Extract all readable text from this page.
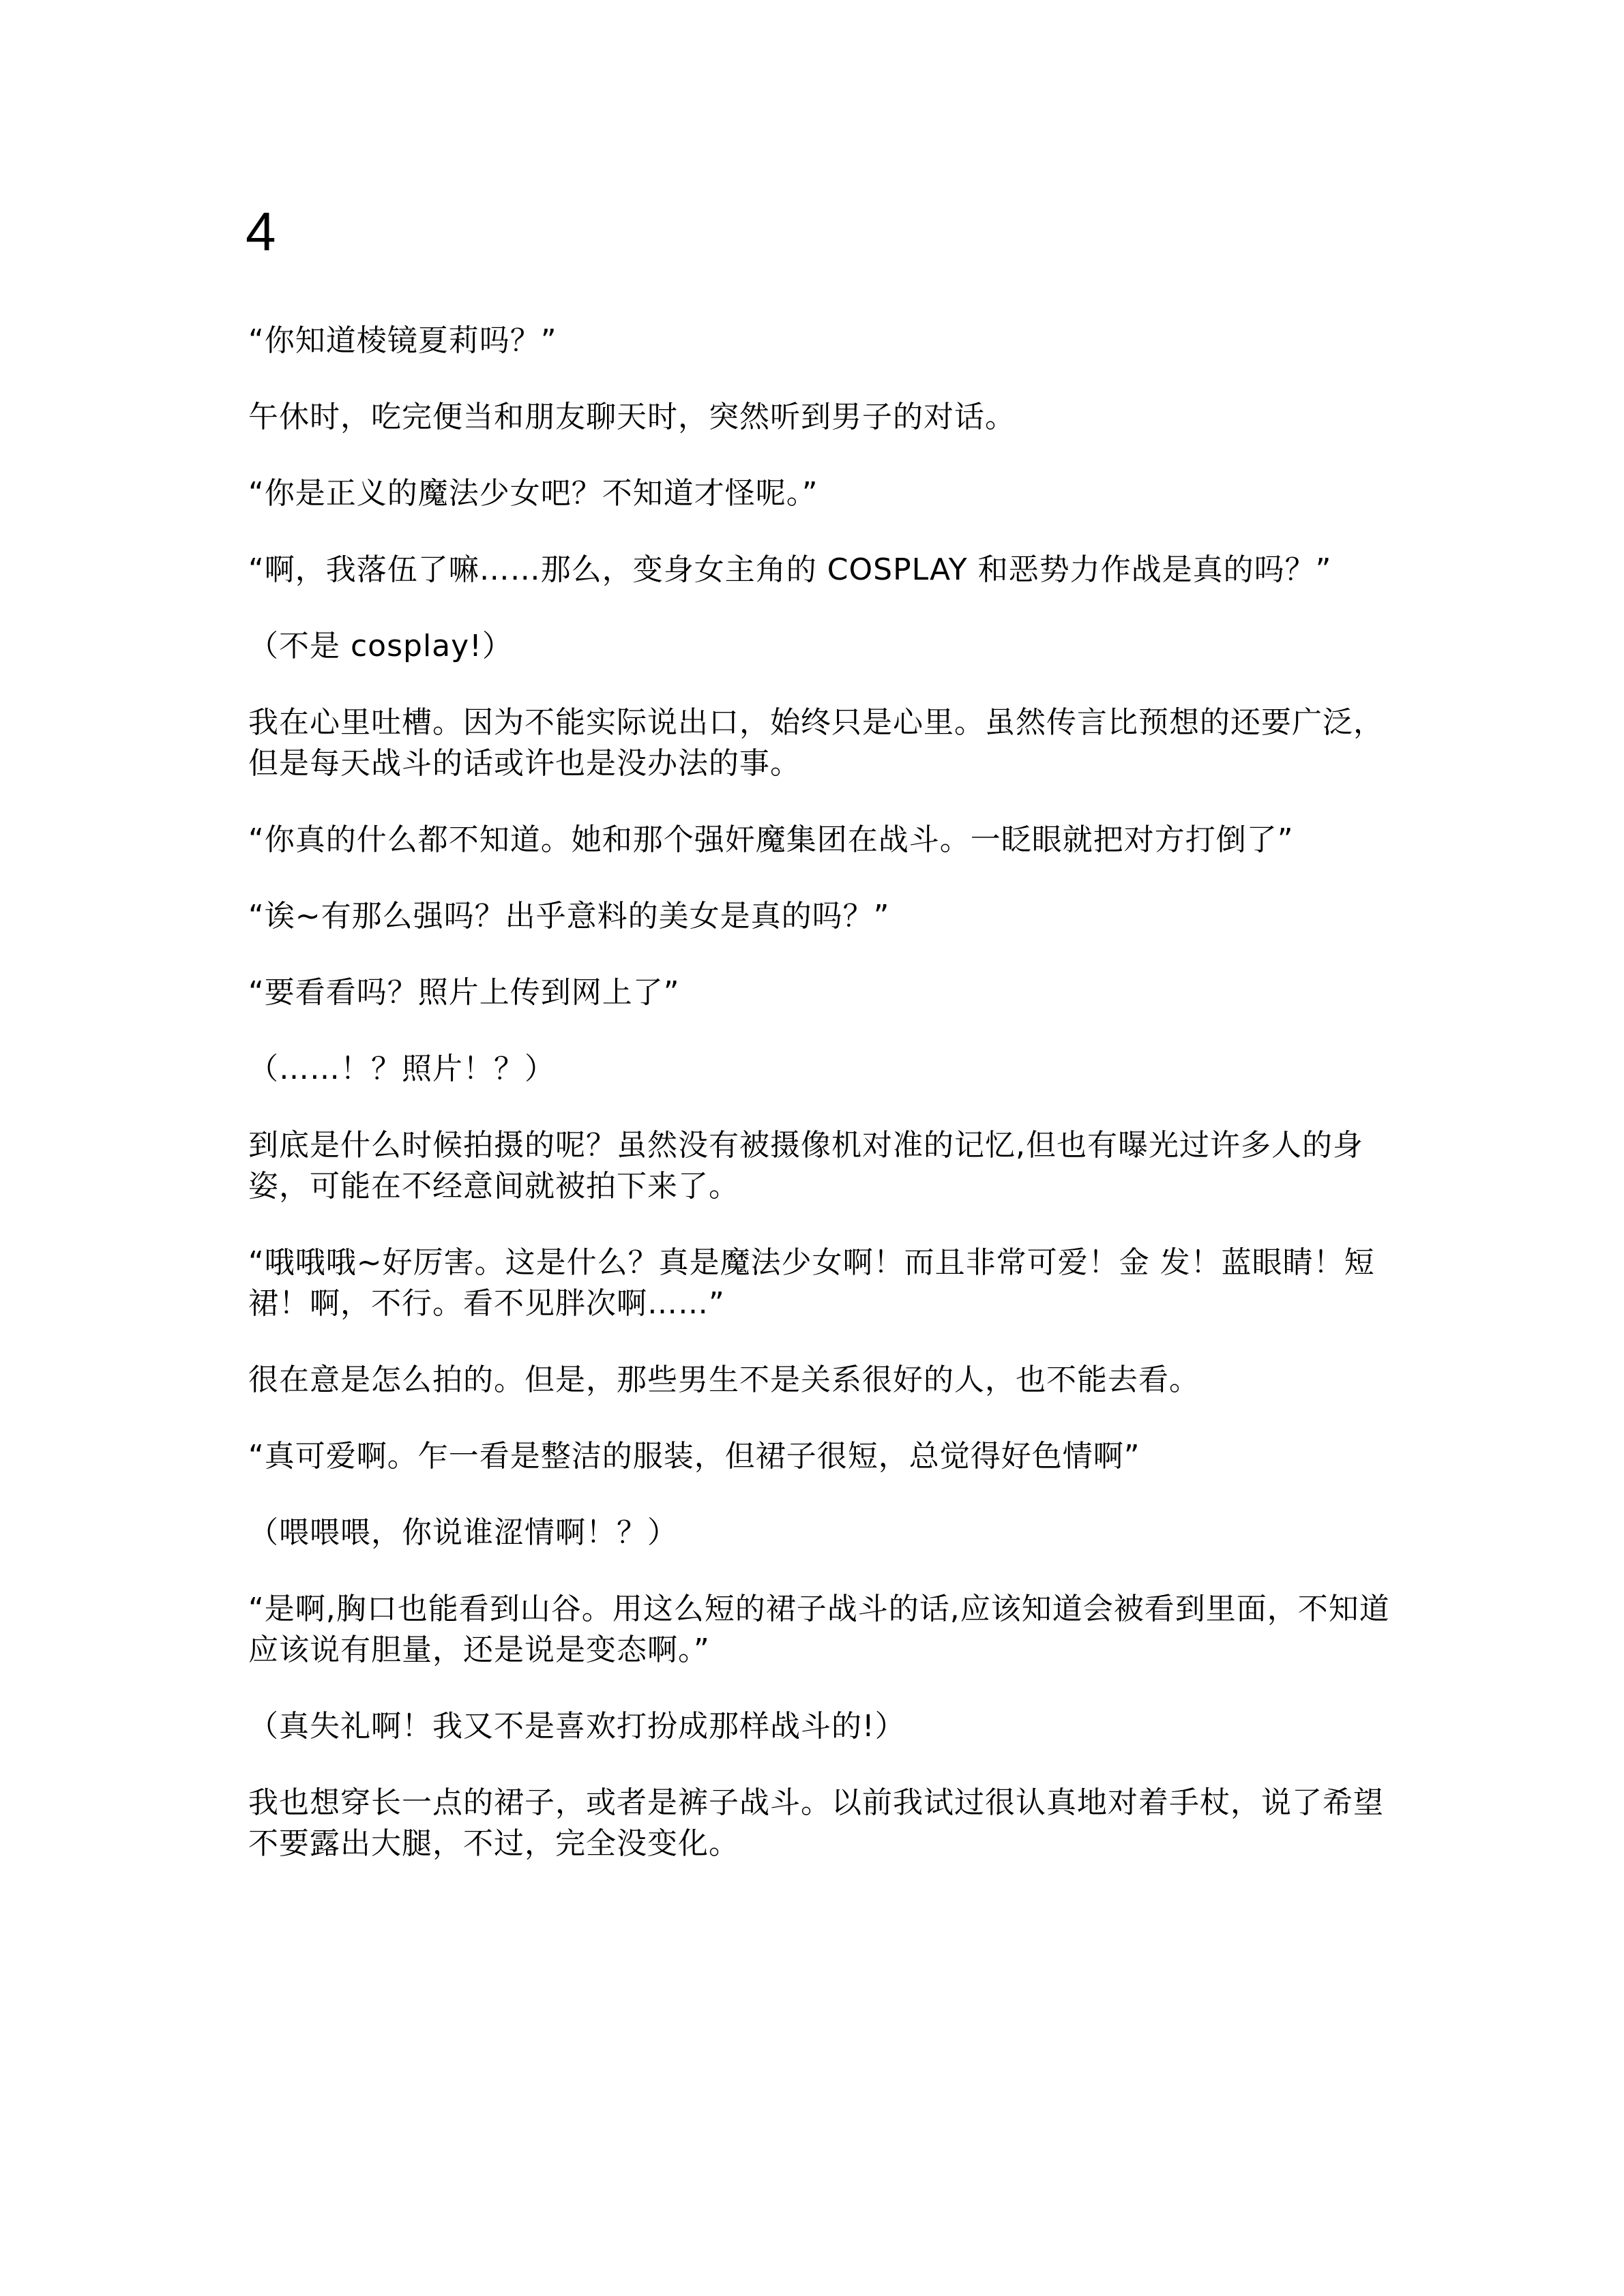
4

“你知道棱镜夏莉吗？”

午休时，吃完便当和朋友聊天时，突然听到男子的对话。

“你是正义的魔法少女吧？不知道才怪呢。”

“啊，我落伍了嘛……那么，变身女主角的 COSPLAY 和恶势力作战是真的吗？”

（不是 cosplay!）

我在心里吐槽。因为不能实际说出口，始终只是心里。虽然传言比预想的还要广泛，但是每天战斗的话或许也是没办法的事。

“你真的什么都不知道。她和那个强奸魔集团在战斗。一眨眼就把对方打倒了”

“诶~有那么强吗？出乎意料的美女是真的吗？”

“要看看吗？照片上传到网上了”

（……！？照片！？）

到底是什么时候拍摄的呢？虽然没有被摄像机对准的记忆,但也有曝光过许多人的身姿，可能在不经意间就被拍下来了。

“哦哦哦~好厉害。这是什么？真是魔法少女啊！而且非常可爱！金 发！蓝眼睛！短裙！啊，不行。看不见胖次啊……”

很在意是怎么拍的。但是，那些男生不是关系很好的人，也不能去看。

“真可爱啊。乍一看是整洁的服装，但裙子很短，总觉得好色情啊”

（喂喂喂，你说谁涩情啊！？）

“是啊,胸口也能看到山谷。用这么短的裙子战斗的话,应该知道会被看到里面，不知道应该说有胆量，还是说是变态啊。”

（真失礼啊！我又不是喜欢打扮成那样战斗的!）

我也想穿长一点的裙子，或者是裤子战斗。以前我试过很认真地对着手杖，说了希望不要露出大腿，不过，完全没变化。
